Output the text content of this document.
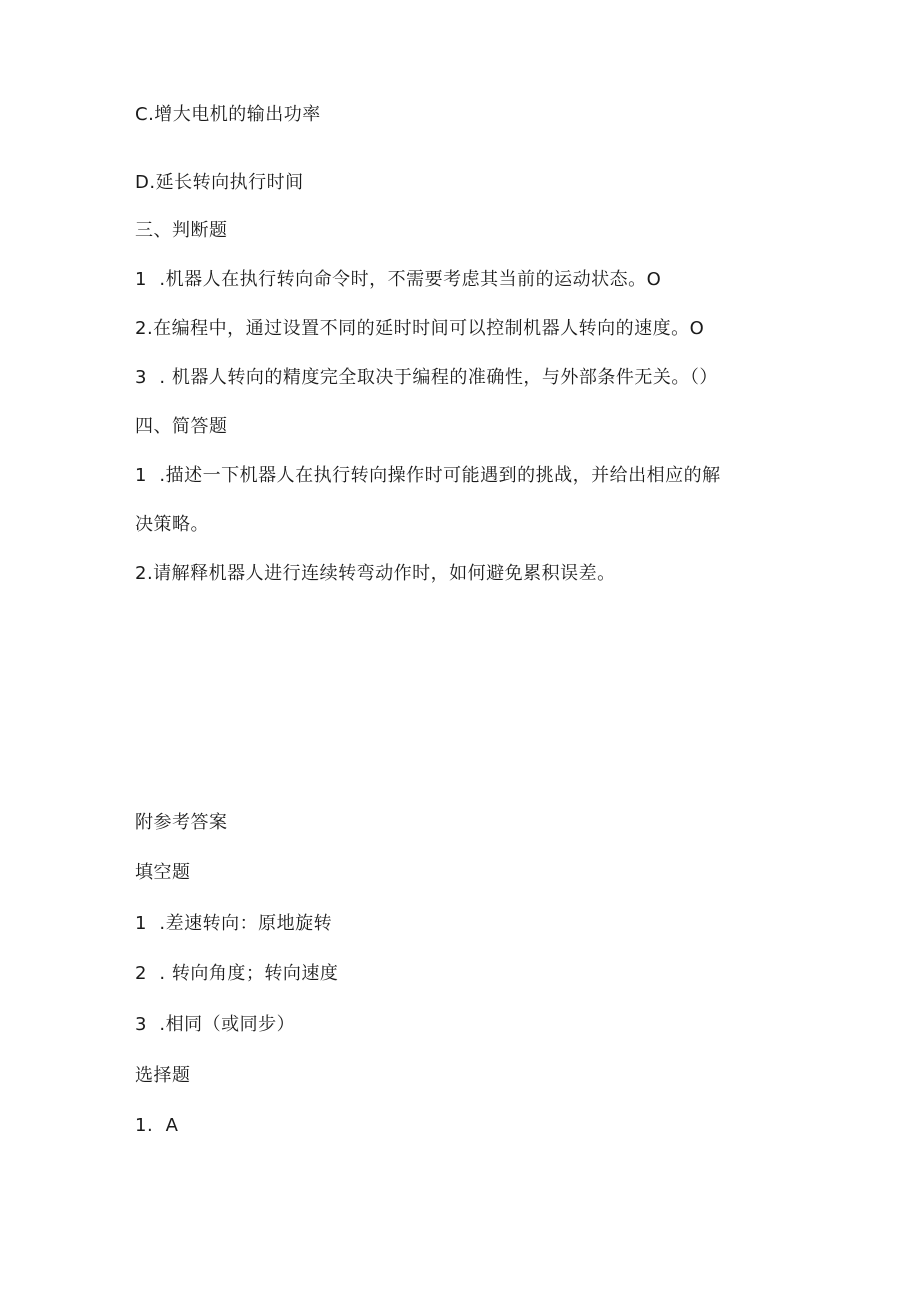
C.增大电机的输出功率
D.延长转向执行时间
三、判断题
1  .机器人在执行转向命令时，不需要考虑其当前的运动状态。O
2.在编程中，通过设置不同的延时时间可以控制机器人转向的速度。O
3  . 机器人转向的精度完全取决于编程的准确性，与外部条件无关。（）
四、简答题
1  .描述一下机器人在执行转向操作时可能遇到的挑战，并给出相应的解
决策略。
2.请解释机器人进行连续转弯动作时，如何避免累积误差。
附参考答案
填空题
1  .差速转向：原地旋转
2  . 转向角度；转向速度
3  .相同（或同步）
选择题
1.  A
